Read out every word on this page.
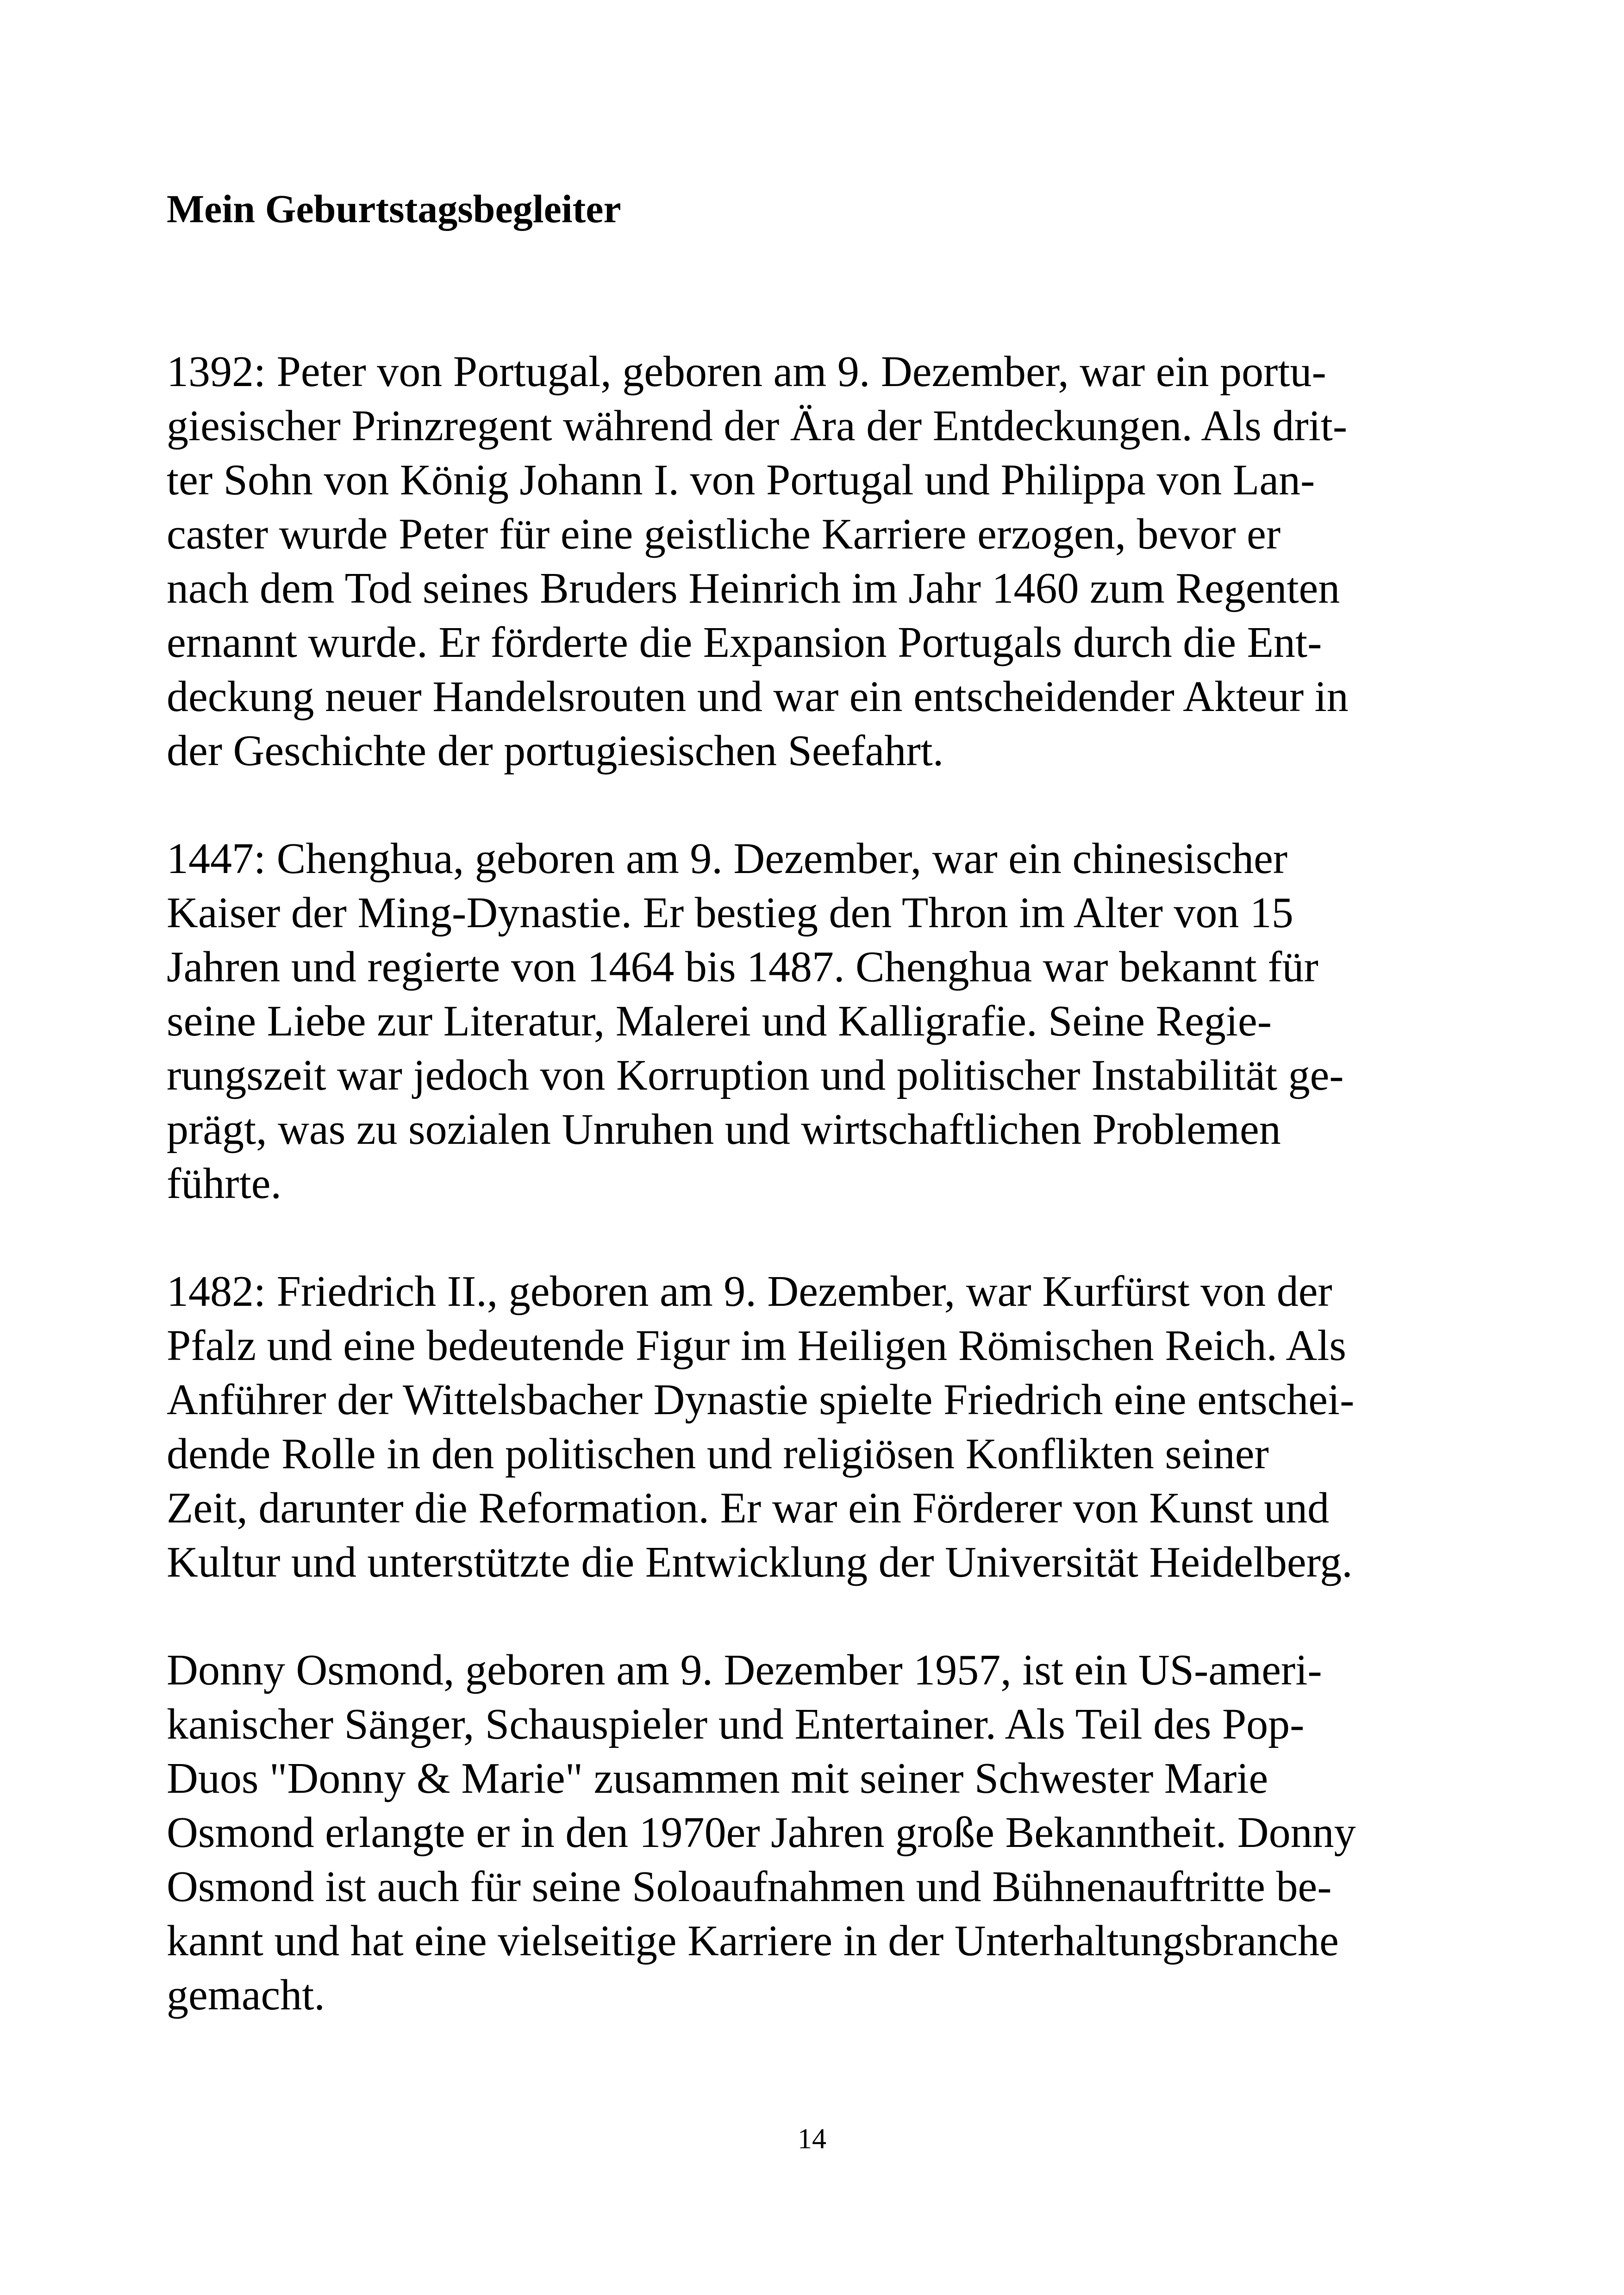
Mein Geburtstagsbegleiter

1392: Peter von Portugal, geboren am 9. Dezember, war ein portu-
giesischer Prinzregent während der Ära der Entdeckungen. Als drit-
ter Sohn von König Johann I. von Portugal und Philippa von Lan-
caster wurde Peter für eine geistliche Karriere erzogen, bevor er
nach dem Tod seines Bruders Heinrich im Jahr 1460 zum Regenten
ernannt wurde. Er förderte die Expansion Portugals durch die Ent-
deckung neuer Handelsrouten und war ein entscheidender Akteur in
der Geschichte der portugiesischen Seefahrt.

1447: Chenghua, geboren am 9. Dezember, war ein chinesischer
Kaiser der Ming-Dynastie. Er bestieg den Thron im Alter von 15
Jahren und regierte von 1464 bis 1487. Chenghua war bekannt für
seine Liebe zur Literatur, Malerei und Kalligrafie. Seine Regie-
rungszeit war jedoch von Korruption und politischer Instabilität ge-
prägt, was zu sozialen Unruhen und wirtschaftlichen Problemen
führte.

1482: Friedrich II., geboren am 9. Dezember, war Kurfürst von der
Pfalz und eine bedeutende Figur im Heiligen Römischen Reich. Als
Anführer der Wittelsbacher Dynastie spielte Friedrich eine entschei-
dende Rolle in den politischen und religiösen Konflikten seiner
Zeit, darunter die Reformation. Er war ein Förderer von Kunst und
Kultur und unterstützte die Entwicklung der Universität Heidelberg.

Donny Osmond, geboren am 9. Dezember 1957, ist ein US-ameri-
kanischer Sänger, Schauspieler und Entertainer. Als Teil des Pop-
Duos "Donny & Marie" zusammen mit seiner Schwester Marie
Osmond erlangte er in den 1970er Jahren große Bekanntheit. Donny
Osmond ist auch für seine Soloaufnahmen und Bühnenauftritte be-
kannt und hat eine vielseitige Karriere in der Unterhaltungsbranche
gemacht.

14
